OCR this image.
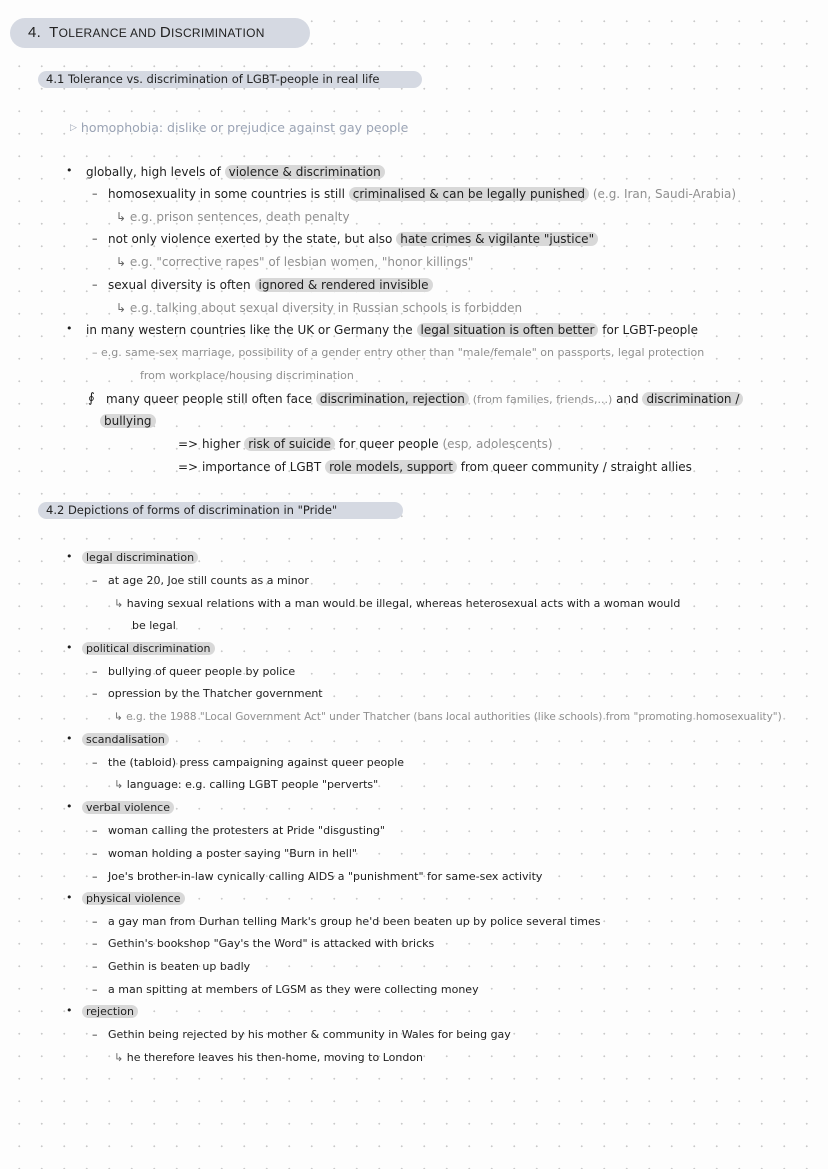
4. TOLERANCE AND DISCRIMINATION
4.1 Tolerance vs. discrimination of LGBT-people in real life
▷ homophobia: dislike or prejudice against gay people
• globally, high levels of violence & discrimination
– homosexuality in some countries is still criminalised & can be legally punished (e.g. Iran, Saudi-Arabia)
↳ e.g. prison sentences, death penalty
– not only violence exerted by the state, but also hate crimes & vigilante "justice"
↳ e.g. "corrective rapes" of lesbian women, "honor killings"
– sexual diversity is often ignored & rendered invisible
↳ e.g. talking about sexual diversity in Russian schools is forbidden
• in many western countries like the UK or Germany the legal situation is often better for LGBT-people
– e.g. same-sex marriage, possibility of a gender entry other than "male/female" on passports, legal protection
from workplace/housing discrimination
∮ many queer people still often face discrimination, rejection (from families, friends,...) and discrimination /
bullying
=> higher risk of suicide for queer people (esp. adolescents)
=> importance of LGBT role models, support from queer community / straight allies
4.2 Depictions of forms of discrimination in "Pride"
•	legal discrimination
– at age 20, Joe still counts as a minor
↳ having sexual relations with a man would be illegal, whereas heterosexual acts with a woman would
be legal
•	political discrimination
– bullying of queer people by police
– opression by the Thatcher government
↳ e.g. the 1988 "Local Government Act" under Thatcher (bans local authorities (like schools) from "promoting homosexuality")
•	scandalisation
– the (tabloid) press campaigning against queer people
↳ language: e.g. calling LGBT people "perverts"
•	verbal violence
– woman calling the protesters at Pride "disgusting"
– woman holding a poster saying "Burn in hell"
– Joe's brother-in-law cynically calling AIDS a "punishment" for same-sex activity
•	physical violence
– a gay man from Durhan telling Mark's group he'd been beaten up by police several times
– Gethin's bookshop "Gay's the Word" is attacked with bricks
– Gethin is beaten up badly
– a man spitting at members of LGSM as they were collecting money
•	rejection
– Gethin being rejected by his mother & community in Wales for being gay
↳ he therefore leaves his then-home, moving to London
